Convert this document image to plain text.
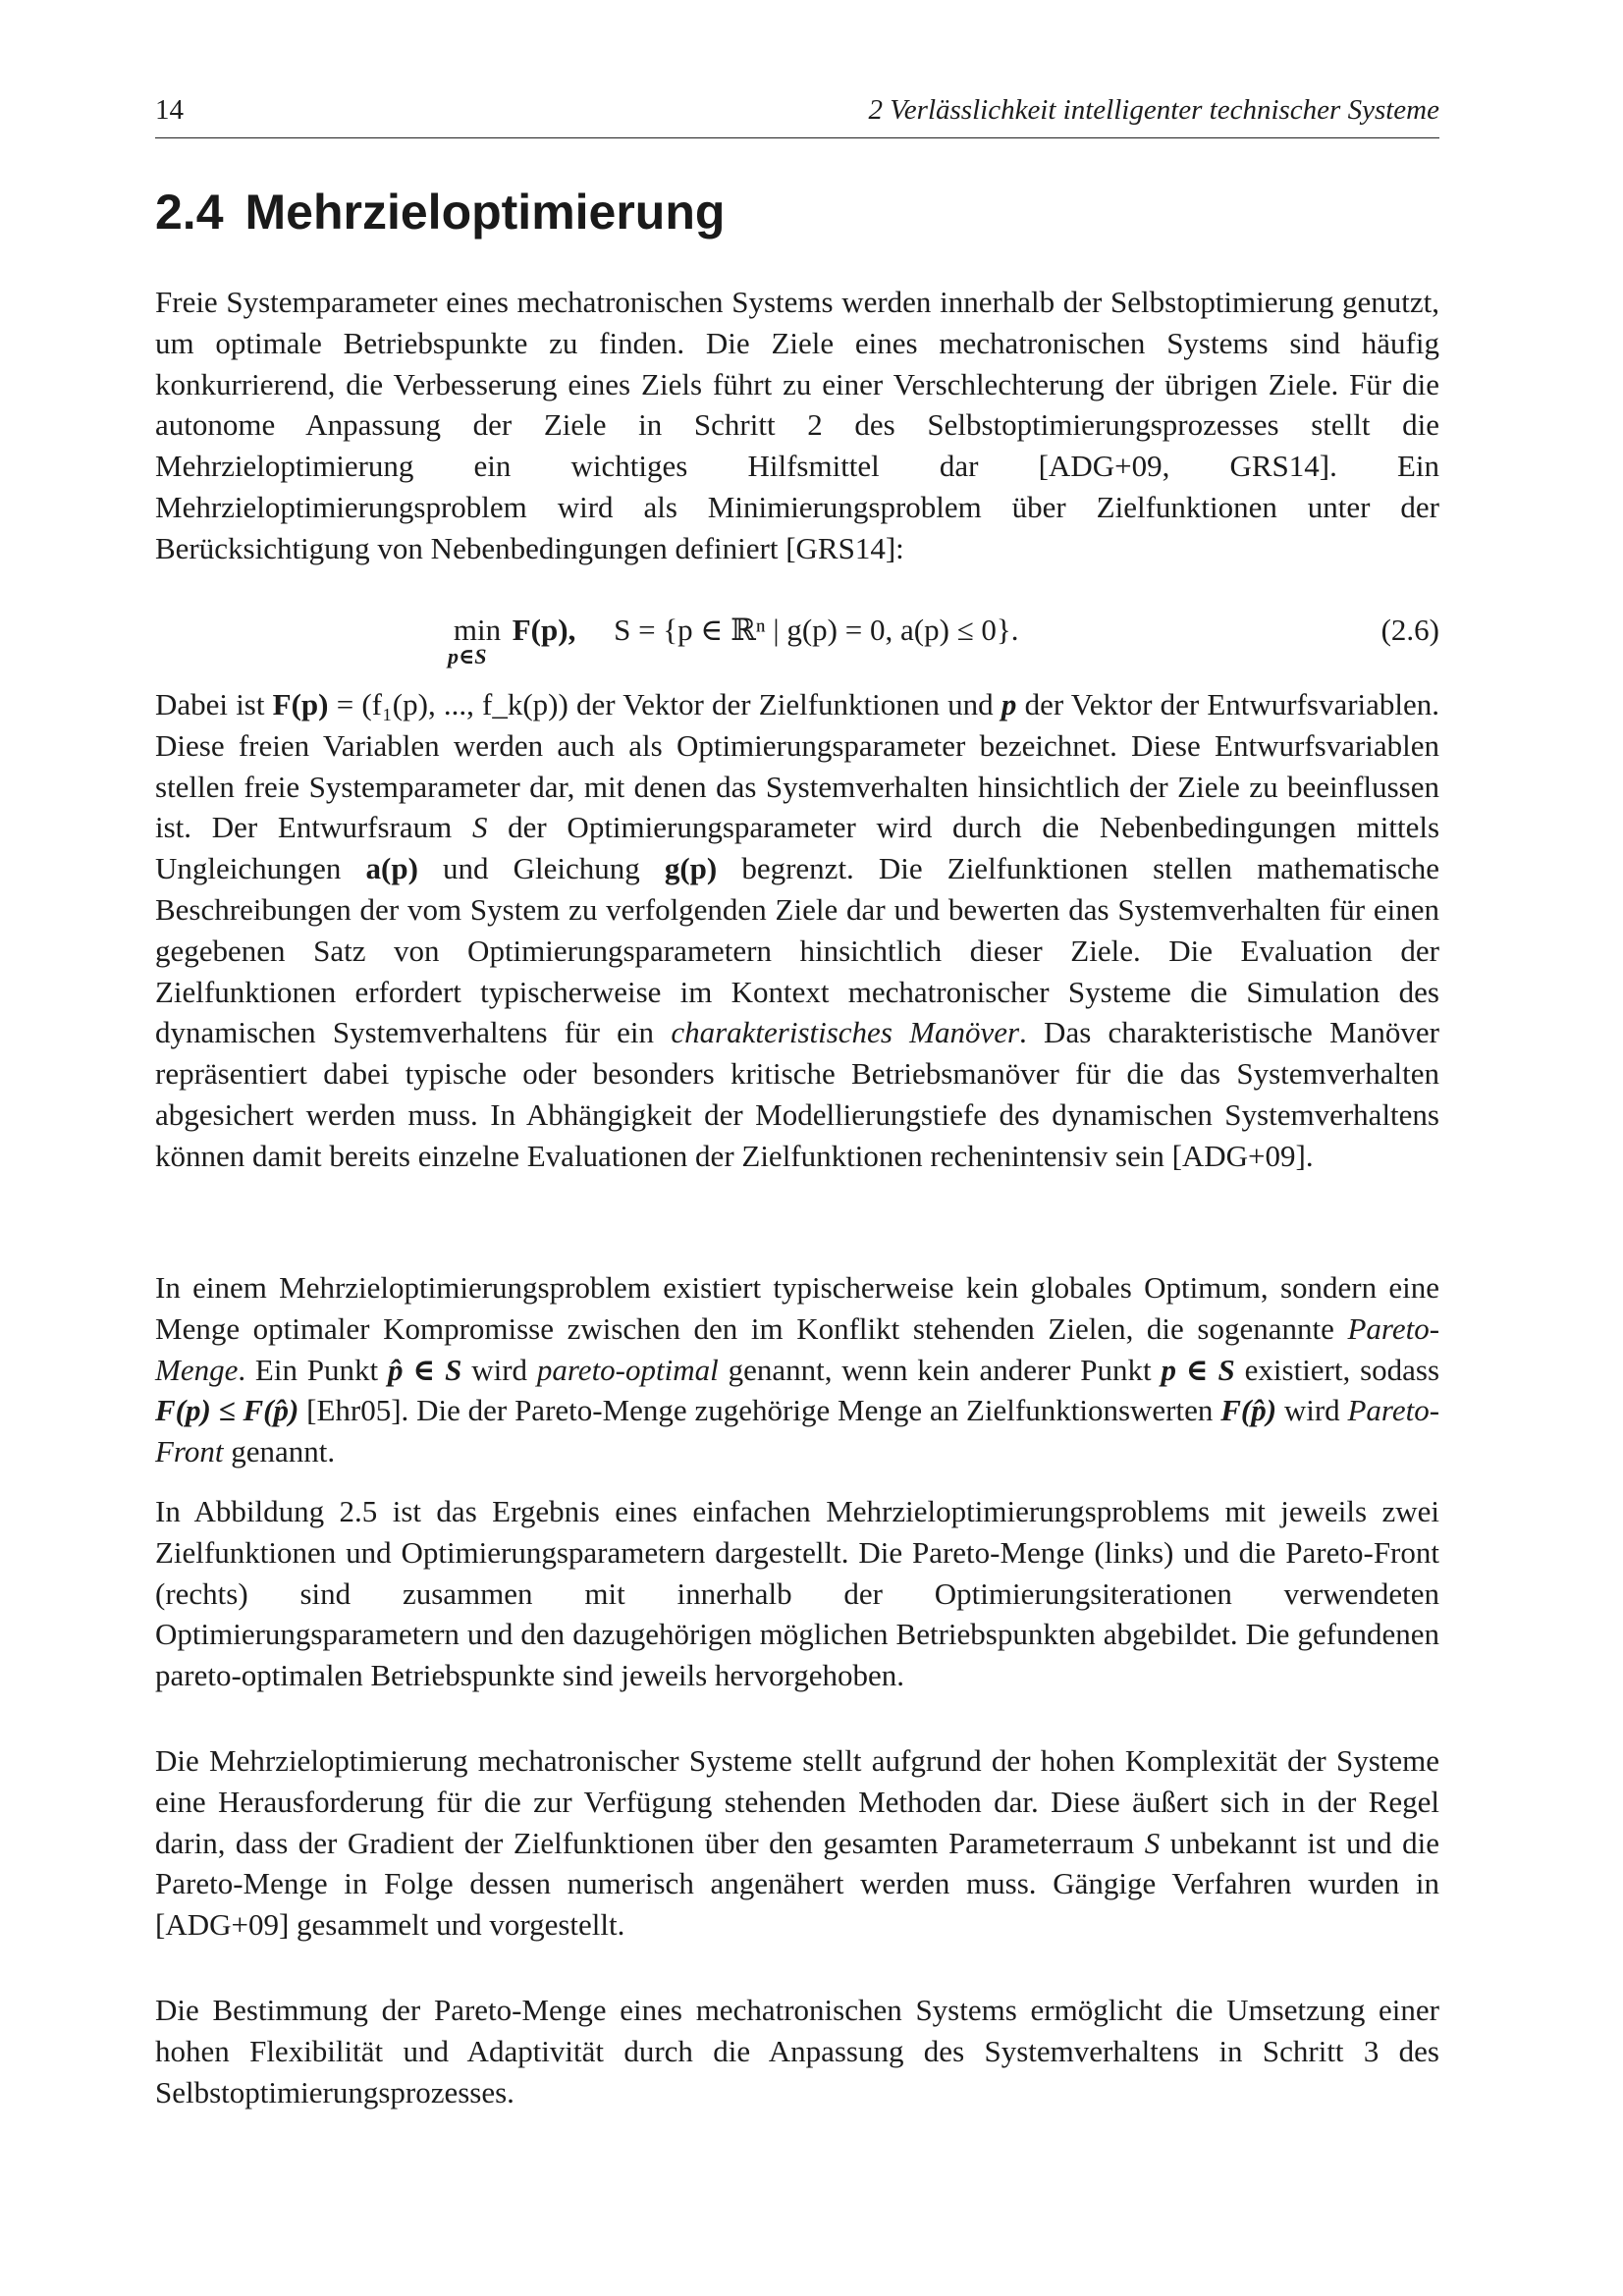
14	2 Verlässlichkeit intelligenter technischer Systeme
2.4 Mehrzieloptimierung

Freie Systemparameter eines mechatronischen Systems werden innerhalb der Selbstoptimierung genutzt, um optimale Betriebspunkte zu finden. Die Ziele eines mechatronischen Systems sind häufig konkurrierend, die Verbesserung eines Ziels führt zu einer Verschlechterung der übrigen Ziele. Für die autonome Anpassung der Ziele in Schritt 2 des Selbstoptimierungsprozesses stellt die Mehrzieloptimierung ein wichtiges Hilfsmittel dar [ADG+09, GRS14]. Ein Mehrzieloptimierungsproblem wird als Minimierungsproblem über Zielfunktionen unter der Berücksichtigung von Nebenbedingungen definiert [GRS14]:

min
p∈S
F(p), S = {p ∈ ℝⁿ | g(p) = 0, a(p) ≤ 0}.	(2.6)

Dabei ist F(p) = (f₁(p), ..., f_k(p)) der Vektor der Zielfunktionen und p der Vektor der Entwurfsvariablen. Diese freien Variablen werden auch als Optimierungsparameter bezeichnet. Diese Entwurfsvariablen stellen freie Systemparameter dar, mit denen das Systemverhalten hinsichtlich der Ziele zu beeinflussen ist. Der Entwurfsraum S der Optimierungsparameter wird durch die Nebenbedingungen mittels Ungleichungen a(p) und Gleichung g(p) begrenzt. Die Zielfunktionen stellen mathematische Beschreibungen der vom System zu verfolgenden Ziele dar und bewerten das Systemverhalten für einen gegebenen Satz von Optimierungsparametern hinsichtlich dieser Ziele. Die Evaluation der Zielfunktionen erfordert typischerweise im Kontext mechatronischer Systeme die Simulation des dynamischen Systemverhaltens für ein charakteristisches Manöver. Das charakteristische Manöver repräsentiert dabei typische oder besonders kritische Betriebsmanöver für die das Systemverhalten abgesichert werden muss. In Abhängigkeit der Modellierungstiefe des dynamischen Systemverhaltens können damit bereits einzelne Evaluationen der Zielfunktionen rechenintensiv sein [ADG+09].

In einem Mehrzieloptimierungsproblem existiert typischerweise kein globales Optimum, sondern eine Menge optimaler Kompromisse zwischen den im Konflikt stehenden Zielen, die sogenannte Pareto-Menge. Ein Punkt p̂ ∈ S wird pareto-optimal genannt, wenn kein anderer Punkt p ∈ S existiert, sodass F(p) ≤ F(p̂) [Ehr05]. Die der Pareto-Menge zugehörige Menge an Zielfunktionswerten F(p̂) wird Pareto-Front genannt.

In Abbildung 2.5 ist das Ergebnis eines einfachen Mehrzieloptimierungsproblems mit jeweils zwei Zielfunktionen und Optimierungsparametern dargestellt. Die Pareto-Menge (links) und die Pareto-Front (rechts) sind zusammen mit innerhalb der Optimierungsiterationen verwendeten Optimierungsparametern und den dazugehörigen möglichen Betriebspunkten abgebildet. Die gefundenen pareto-optimalen Betriebspunkte sind jeweils hervorgehoben.

Die Mehrzieloptimierung mechatronischer Systeme stellt aufgrund der hohen Komplexität der Systeme eine Herausforderung für die zur Verfügung stehenden Methoden dar. Diese äußert sich in der Regel darin, dass der Gradient der Zielfunktionen über den gesamten Parameterraum S unbekannt ist und die Pareto-Menge in Folge dessen numerisch angenähert werden muss. Gängige Verfahren wurden in [ADG+09] gesammelt und vorgestellt.

Die Bestimmung der Pareto-Menge eines mechatronischen Systems ermöglicht die Umsetzung einer hohen Flexibilität und Adaptivität durch die Anpassung des Systemverhaltens in Schritt 3 des Selbstoptimierungsprozesses.
